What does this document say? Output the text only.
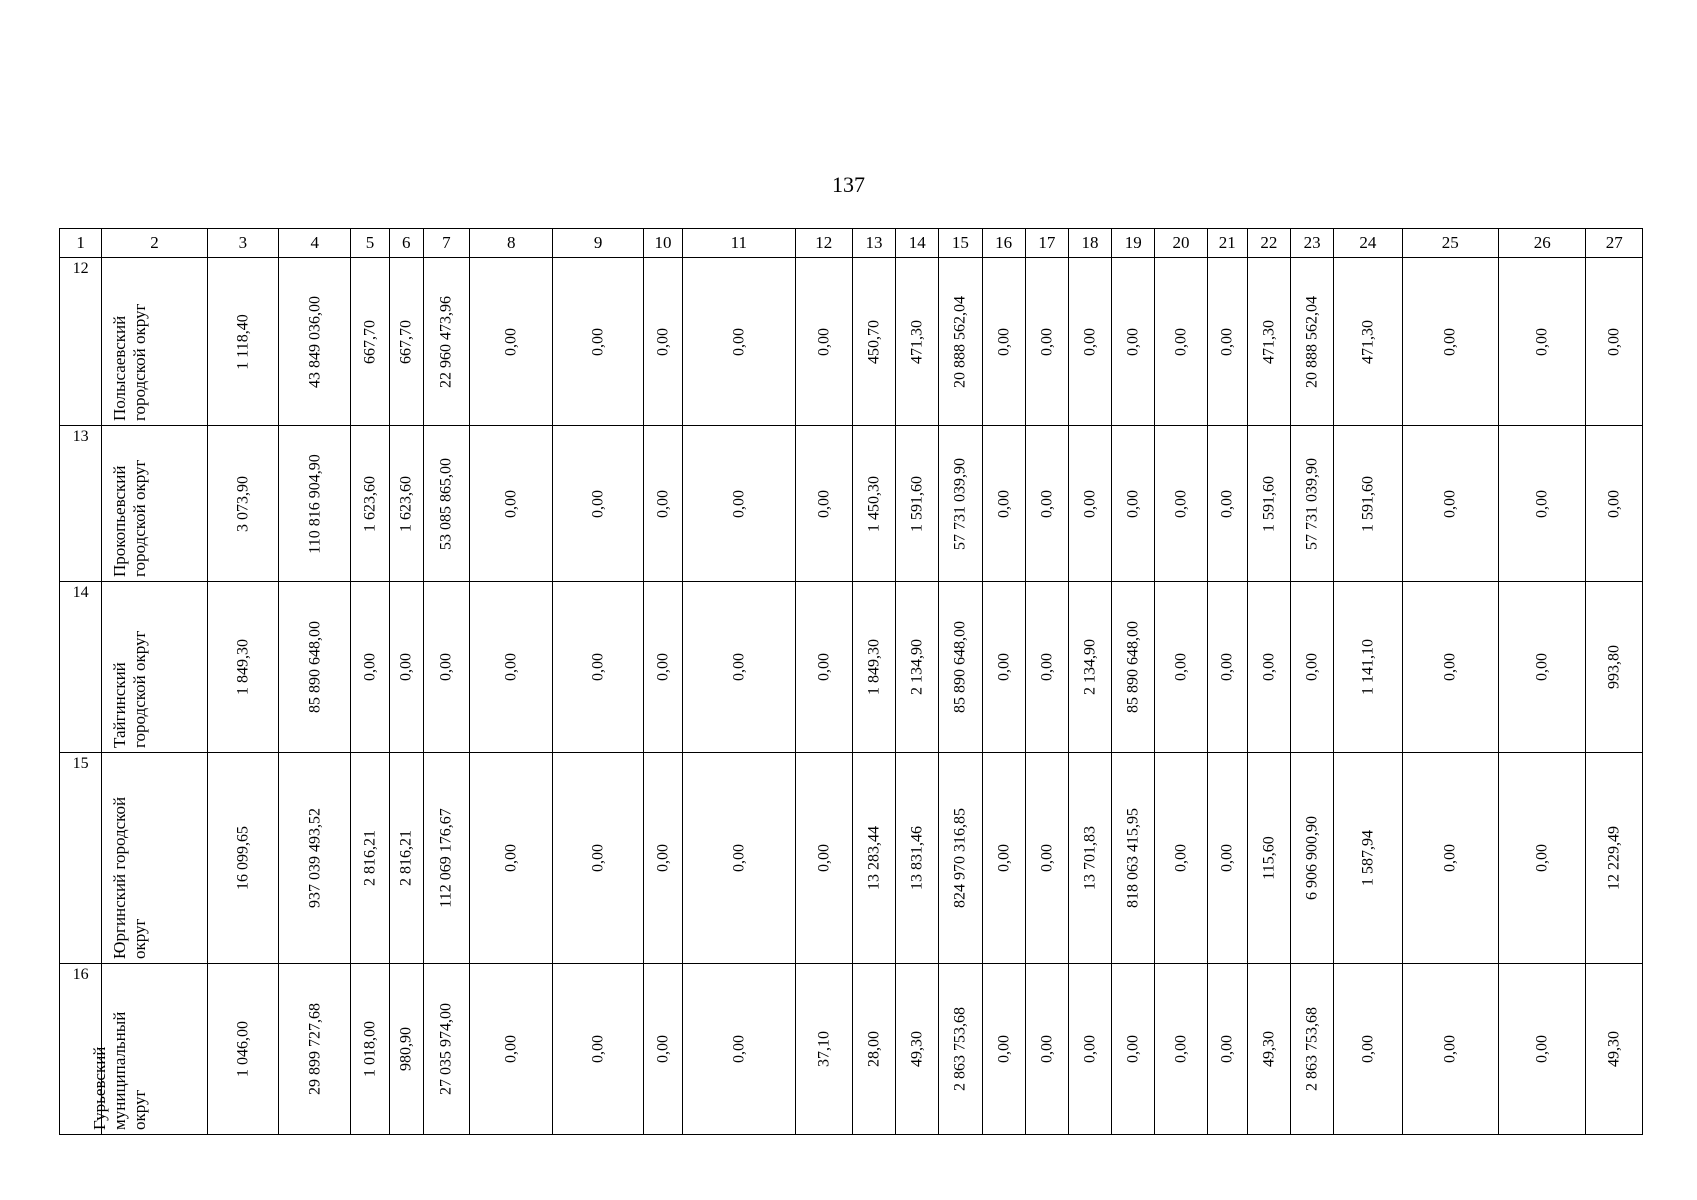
137
1	2	3	4	5	6	7	8	9	10	11	12	13	14	15	16	17	18	19	20	21	22	23	24	25	26	27
12	Полысаевский городской округ	1 118,40	43 849 036,00	667,70	667,70	22 960 473,96	0,00	0,00	0,00	0,00	0,00	450,70	471,30	20 888 562,04	0,00	0,00	0,00	0,00	0,00	0,00	471,30	20 888 562,04	471,30	0,00	0,00	0,00

13	Прокопьевский городской округ	3 073,90	110 816 904,90	1 623,60	1 623,60	53 085 865,00	0,00	0,00	0,00	0,00	0,00	1 450,30	1 591,60	57 731 039,90	0,00	0,00	0,00	0,00	0,00	0,00	1 591,60	57 731 039,90	1 591,60	0,00	0,00	0,00

14	Тайгинский городской округ	1 849,30	85 890 648,00	0,00	0,00	0,00	0,00	0,00	0,00	0,00	0,00	1 849,30	2 134,90	85 890 648,00	0,00	0,00	2 134,90	85 890 648,00	0,00	0,00	0,00	0,00	1 141,10	0,00	0,00	993,80

15	Юргинский городской округ	16 099,65	937 039 493,52	2 816,21	2 816,21	112 069 176,67	0,00	0,00	0,00	0,00	0,00	13 283,44	13 831,46	824 970 316,85	0,00	0,00	13 701,83	818 063 415,95	0,00	0,00	115,60	6 906 900,90	1 587,94	0,00	0,00	12 229,49

16	Гурьевский муниципальный округ	1 046,00	29 899 727,68	1 018,00	980,90	27 035 974,00	0,00	0,00	0,00	0,00	37,10	28,00	49,30	2 863 753,68	0,00	0,00	0,00	0,00	0,00	0,00	49,30	2 863 753,68	0,00	0,00	0,00	49,30
